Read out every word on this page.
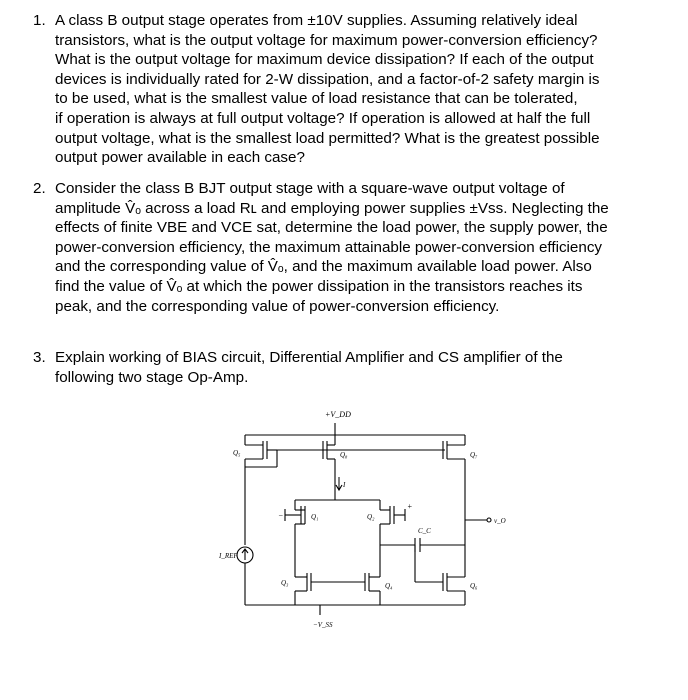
1. A class B output stage operates from ±10V supplies. Assuming relatively ideal
transistors, what is the output voltage for maximum power-conversion efficiency?
What is the output voltage for maximum device dissipation? If each of the output
devices is individually rated for 2-W dissipation, and a factor-of-2 safety margin is
to be used, what is the smallest value of load resistance that can be tolerated,
if operation is always at full output voltage? If operation is allowed at half the full
output voltage, what is the smallest load permitted? What is the greatest possible
output power available in each case?
2. Consider the class B BJT output stage with a square-wave output voltage of
amplitude V̂ₒ across a load Rʟ and employing power supplies ±Vss. Neglecting the
effects of finite VBE and VCE sat, determine the load power, the supply power, the
power-conversion efficiency, the maximum attainable power-conversion efficiency
and the corresponding value of V̂ₒ, and the maximum available load power. Also
find the value of V̂ₒ at which the power dissipation in the transistors reaches its
peak, and the corresponding value of power-conversion efficiency.
3. Explain working of BIAS circuit, Differential Amplifier and CS amplifier of the
following two stage Op-Amp.
+V_DD
Q₅	Q₈
I
Q₇
−	Q₁
+
Q₂
C_C
v_O
I_REF
Q₃	Q₄	Q₆
−V_SS
